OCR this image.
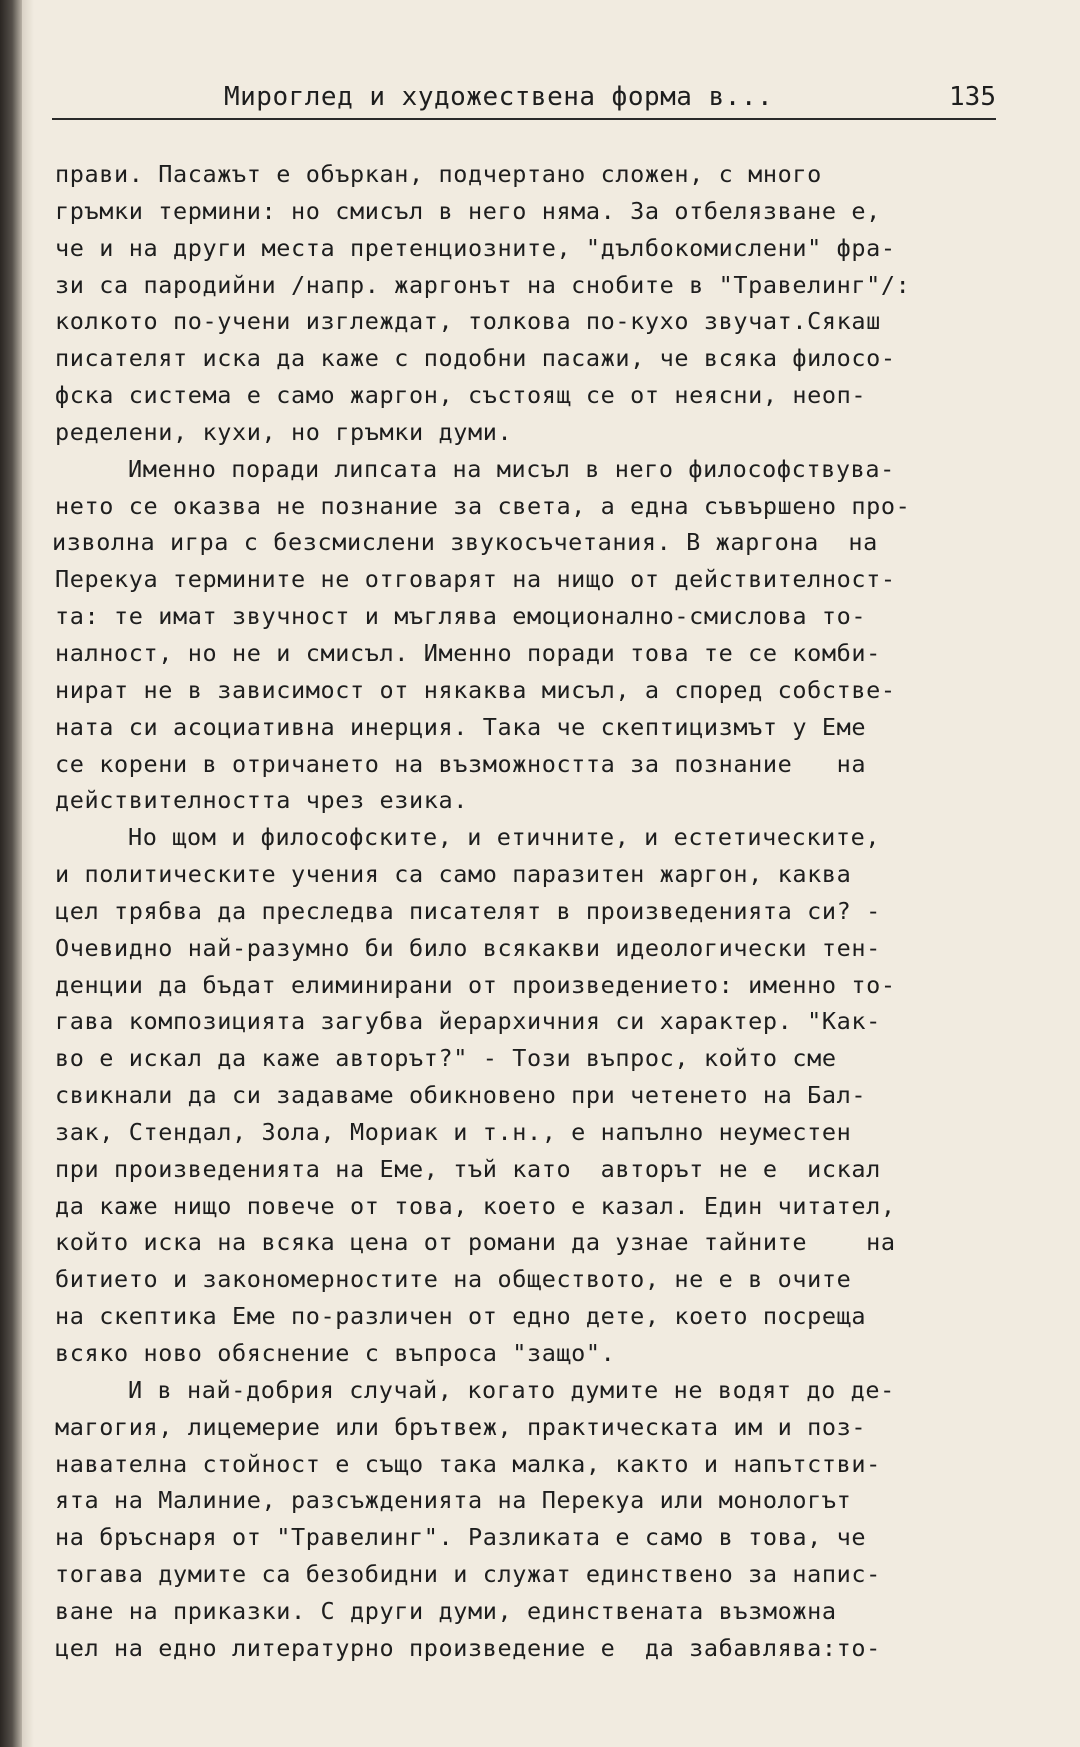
Мироглед и художествена форма в...	135
прави. Пасажът е объркан, подчертано сложен, с много
гръмки термини: но смисъл в него няма. За отбелязване е,
че и на други места претенциозните, "дълбокомислени" фра-
зи са пародийни /напр. жаргонът на снобите в "Травелинг"/:
колкото по-учени изглеждат, толкова по-кухо звучат.Сякаш
писателят иска да каже с подобни пасажи, че всяка филосо-
фска система е само жаргон, състоящ се от неясни, неоп-
ределени, кухи, но гръмки думи.
Именно поради липсата на мисъл в него философствува-
нето се оказва не познание за света, а една съвършено про-
изволна игра с безсмислени звукосъчетания. В жаргона  на
Перекуа термините не отговарят на нищо от действителност-
та: те имат звучност и мъглява емоционално-смислова то-
налност, но не и смисъл. Именно поради това те се комби-
нират не в зависимост от някаква мисъл, а според собстве-
ната си асоциативна инерция. Така че скептицизмът у Еме
се корени в отричането на възможността за познание   на
действителността чрез езика.
Но щом и философските, и етичните, и естетическите,
и политическите учения са само паразитен жаргон, каква
цел трябва да преследва писателят в произведенията си? -
Очевидно най-разумно би било всякакви идеологически тен-
денции да бъдат елиминирани от произведението: именно то-
гава композицията загубва йерархичния си характер. "Как-
во е искал да каже авторът?" - Този въпрос, който сме
свикнали да си задаваме обикновено при четенето на Бал-
зак, Стендал, Зола, Мориак и т.н., е напълно неуместен
при произведенията на Еме, тъй като  авторът не е  искал
да каже нищо повече от това, което е казал. Един читател,
който иска на всяка цена от романи да узнае тайните    на
битието и закономерностите на обществото, не е в очите
на скептика Еме по-различен от едно дете, което посреща
всяко ново обяснение с въпроса "защо".
И в най-добрия случай, когато думите не водят до де-
магогия, лицемерие или брътвеж, практическата им и поз-
навателна стойност е също така малка, както и напътстви-
ята на Малиние, разсъжденията на Перекуа или монологът
на бръснаря от "Травелинг". Разликата е само в това, че
тогава думите са безобидни и служат единствено за напис-
ване на приказки. С други думи, единствената възможна
цел на едно литературно произведение е  да забавлява:то-
